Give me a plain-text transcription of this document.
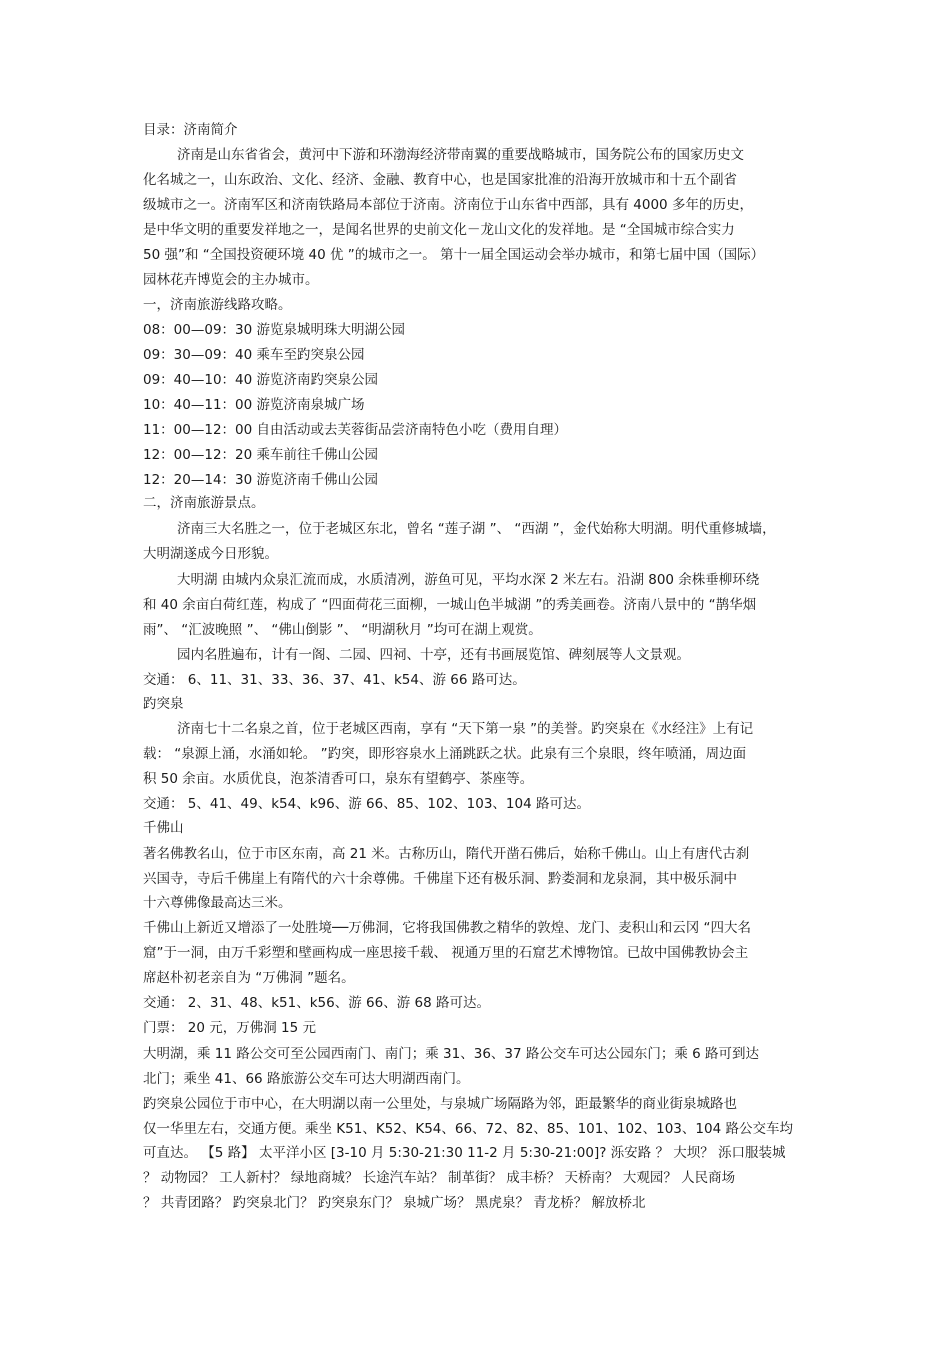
目录：济南简介
济南是山东省省会，黄河中下游和环渤海经济带南翼的重要战略城市，国务院公布的国家历史文
化名城之一，山东政治、文化、经济、金融、教育中心，也是国家批准的沿海开放城市和十五个副省
级城市之一。济南军区和济南铁路局本部位于济南。济南位于山东省中西部，具有 4000 多年的历史，
是中华文明的重要发祥地之一，是闻名世界的史前文化－龙山文化的发祥地。是 “全国城市综合实力
50 强”和 “全国投资硬环境 40 优 ”的城市之一。 第十一届全国运动会举办城市，和第七届中国（国际）
园林花卉博览会的主办城市。
一，济南旅游线路攻略。
08：00—09：30 游览泉城明珠大明湖公园
09：30—09：40 乘车至趵突泉公园
09：40—10：40 游览济南趵突泉公园
10：40—11：00 游览济南泉城广场
11：00—12：00 自由活动或去芙蓉街品尝济南特色小吃（费用自理）
12：00—12：20 乘车前往千佛山公园
12：20—14：30 游览济南千佛山公园
二，济南旅游景点。
济南三大名胜之一，位于老城区东北，曾名 “莲子湖 ”、 “西湖 ”，金代始称大明湖。明代重修城墙，
大明湖遂成今日形貌。
大明湖 由城内众泉汇流而成，水质清冽，游鱼可见，平均水深 2 米左右。沿湖 800 余株垂柳环绕
和 40 余亩白荷红莲，构成了 “四面荷花三面柳，一城山色半城湖 ”的秀美画卷。济南八景中的 “鹊华烟
雨”、 “汇波晚照 ”、 “佛山倒影 ”、 “明湖秋月 ”均可在湖上观赏。
园内名胜遍布，计有一阁、二园、四祠、十亭，还有书画展览馆、碑刻展等人文景观。
交通： 6、11、31、33、36、37、41、k54、游 66 路可达。
趵突泉
济南七十二名泉之首，位于老城区西南，享有 “天下第一泉 ”的美誉。趵突泉在《水经注》上有记
载： “泉源上涌，水涌如轮。 ”趵突，即形容泉水上涌跳跃之状。此泉有三个泉眼，终年喷涌，周边面
积 50 余亩。水质优良，泡茶清香可口，泉东有望鹤亭、茶座等。
交通： 5、41、49、k54、k96、游 66、85、102、103、104 路可达。
千佛山
著名佛教名山，位于市区东南，高 21 米。古称历山，隋代开凿石佛后，始称千佛山。山上有唐代古刹
兴国寺，寺后千佛崖上有隋代的六十余尊佛。千佛崖下还有极乐洞、黔娄洞和龙泉洞，其中极乐洞中
十六尊佛像最高达三米。
千佛山上新近又增添了一处胜境──万佛洞，它将我国佛教之精华的敦煌、龙门、麦积山和云冈 “四大名
窟”于一洞，由万千彩塑和壁画构成一座思接千载、 视通万里的石窟艺术博物馆。已故中国佛教协会主
席赵朴初老亲自为 “万佛洞 ”题名。
交通： 2、31、48、k51、k56、游 66、游 68 路可达。
门票： 20 元，万佛洞 15 元
大明湖，乘 11 路公交可至公园西南门、南门；乘 31、36、37 路公交车可达公园东门；乘 6 路可到达
北门；乘坐 41、66 路旅游公交车可达大明湖西南门。
趵突泉公园位于市中心，在大明湖以南一公里处，与泉城广场隔路为邻，距最繁华的商业街泉城路也
仅一华里左右，交通方便。乘坐 K51、K52、K54、66、72、82、85、101、102、103、104 路公交车均
可直达。 【5 路】 太平洋小区 [3-10 月 5:30-21:30 11-2 月 5:30-21:00]? 泺安路 ？ 大坝？ 泺口服装城
？ 动物园？ 工人新村？ 绿地商城？ 长途汽车站？ 制革街？ 成丰桥？ 天桥南？ 大观园？ 人民商场
？ 共青团路？ 趵突泉北门？ 趵突泉东门？ 泉城广场？ 黑虎泉？ 青龙桥？ 解放桥北
